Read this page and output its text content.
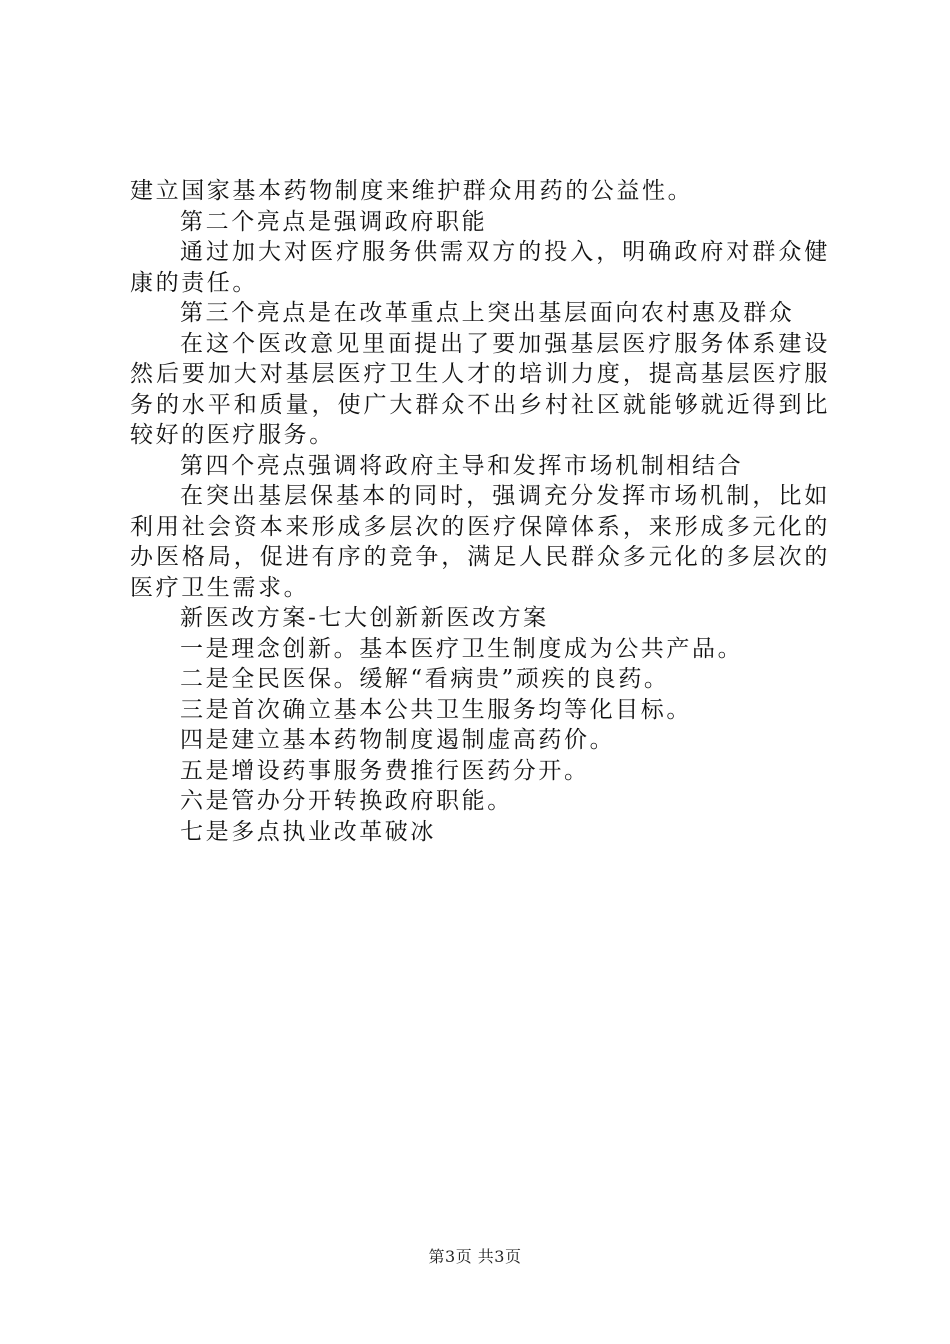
建立国家基本药物制度来维护群众用药的公益性。

第二个亮点是强调政府职能

通过加大对医疗服务供需双方的投入，明确政府对群众健康的责任。

第三个亮点是在改革重点上突出基层面向农村惠及群众

在这个医改意见里面提出了要加强基层医疗服务体系建设然后要加大对基层医疗卫生人才的培训力度，提高基层医疗服务的水平和质量，使广大群众不出乡村社区就能够就近得到比较好的医疗服务。

第四个亮点强调将政府主导和发挥市场机制相结合

在突出基层保基本的同时，强调充分发挥市场机制，比如利用社会资本来形成多层次的医疗保障体系，来形成多元化的办医格局，促进有序的竞争，满足人民群众多元化的多层次的医疗卫生需求。

新医改方案-七大创新新医改方案

一是理念创新。基本医疗卫生制度成为公共产品。

二是全民医保。缓解“看病贵”顽疾的良药。

三是首次确立基本公共卫生服务均等化目标。

四是建立基本药物制度遏制虚高药价。

五是增设药事服务费推行医药分开。

六是管办分开转换政府职能。

七是多点执业改革破冰

第3页 共3页
